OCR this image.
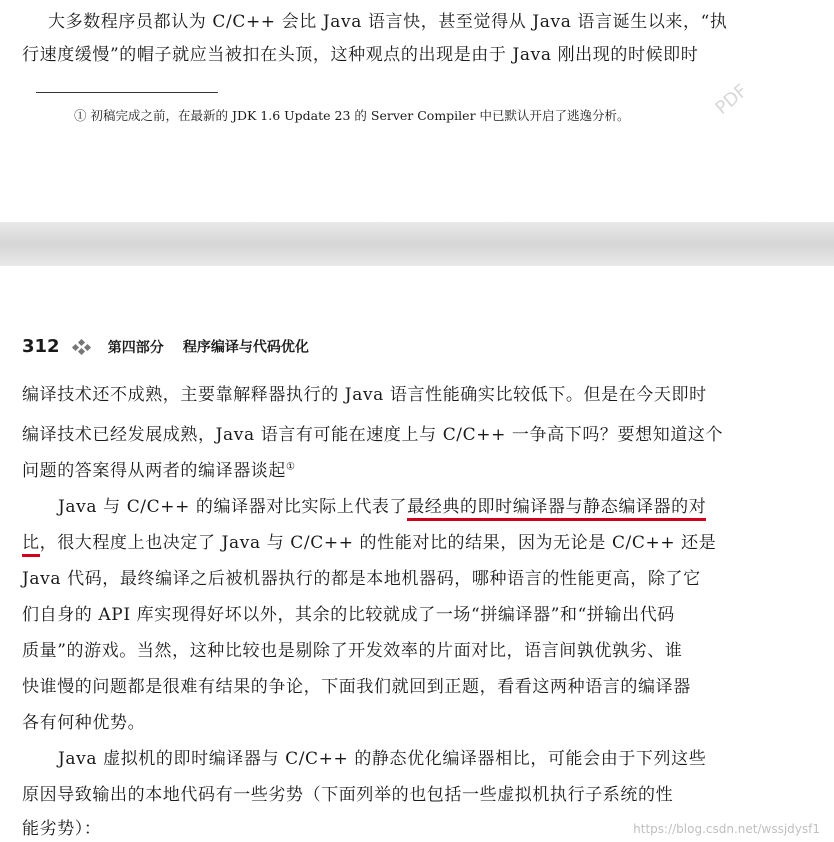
大多数程序员都认为 C/C++ 会比 Java 语言快，甚至觉得从 Java 语言诞生以来，“执
行速度缓慢”的帽子就应当被扣在头顶，这种观点的出现是由于 Java 刚出现的时候即时
① 初稿完成之前，在最新的 JDK 1.6 Update 23 的 Server Compiler 中已默认开启了逃逸分析。	PDF
312	第四部分 程序编译与代码优化
编译技术还不成熟，主要靠解释器执行的 Java 语言性能确实比较低下。但是在今天即时
编译技术已经发展成熟，Java 语言有可能在速度上与 C/C++ 一争高下吗？要想知道这个
问题的答案得从两者的编译器谈起①
Java 与 C/C++ 的编译器对比实际上代表了最经典的即时编译器与静态编译器的对
比，很大程度上也决定了 Java 与 C/C++ 的性能对比的结果，因为无论是 C/C++ 还是
Java 代码，最终编译之后被机器执行的都是本地机器码，哪种语言的性能更高，除了它
们自身的 API 库实现得好坏以外，其余的比较就成了一场“拼编译器”和“拼输出代码
质量”的游戏。当然，这种比较也是剔除了开发效率的片面对比，语言间孰优孰劣、谁
快谁慢的问题都是很难有结果的争论，下面我们就回到正题，看看这两种语言的编译器
各有何种优势。
Java 虚拟机的即时编译器与 C/C++ 的静态优化编译器相比，可能会由于下列这些
原因导致输出的本地代码有一些劣势（下面列举的也包括一些虚拟机执行子系统的性
能劣势）：	https://blog.csdn.net/wssjdysf1
